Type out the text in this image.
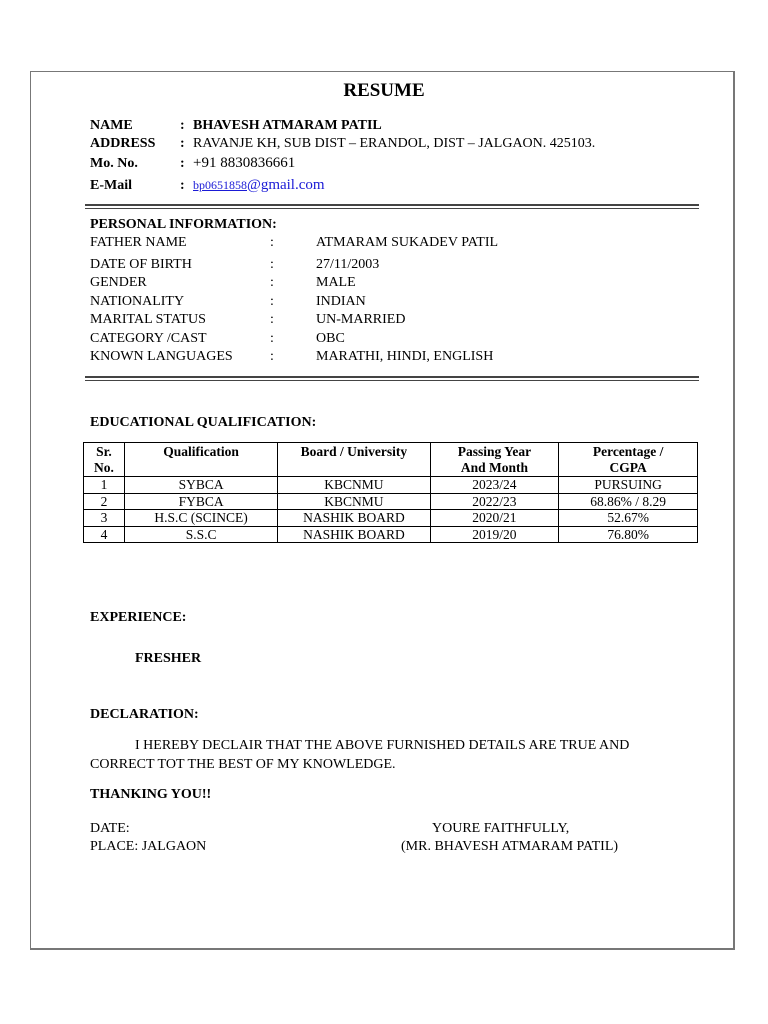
RESUME
NAME	: BHAVESH ATMARAM PATIL
ADDRESS : RAVANJE KH, SUB DIST – ERANDOL, DIST – JALGAON. 425103.
Mo. No.	: +91 8830836661
E-Mail	: bp0651858@gmail.com
PERSONAL INFORMATION:
FATHER NAME	:	ATMARAM SUKADEV PATIL
DATE OF BIRTH	:	27/11/2003
GENDER	:	MALE
NATIONALITY	:	INDIAN
MARITAL STATUS	:	UN-MARRIED
CATEGORY /CAST	:	OBC
KNOWN LANGUAGES	:	MARATHI, HINDI, ENGLISH
EDUCATIONAL QUALIFICATION:
Sr. No.	Qualification	Board / University	Passing Year And Month	Percentage / CGPA
1	SYBCA	KBCNMU	2023/24	PURSUING
2	FYBCA	KBCNMU	2022/23	68.86% / 8.29
3	H.S.C (SCINCE)	NASHIK BOARD	2020/21	52.67%
4	S.S.C	NASHIK BOARD	2019/20	76.80%
EXPERIENCE:
FRESHER
DECLARATION:
I HEREBY DECLAIR THAT THE ABOVE FURNISHED DETAILS ARE TRUE AND
CORRECT TOT THE BEST OF MY KNOWLEDGE.
THANKING YOU!!
DATE:
PLACE: JALGAON
YOURE FAITHFULLY,
(MR. BHAVESH ATMARAM PATIL)
